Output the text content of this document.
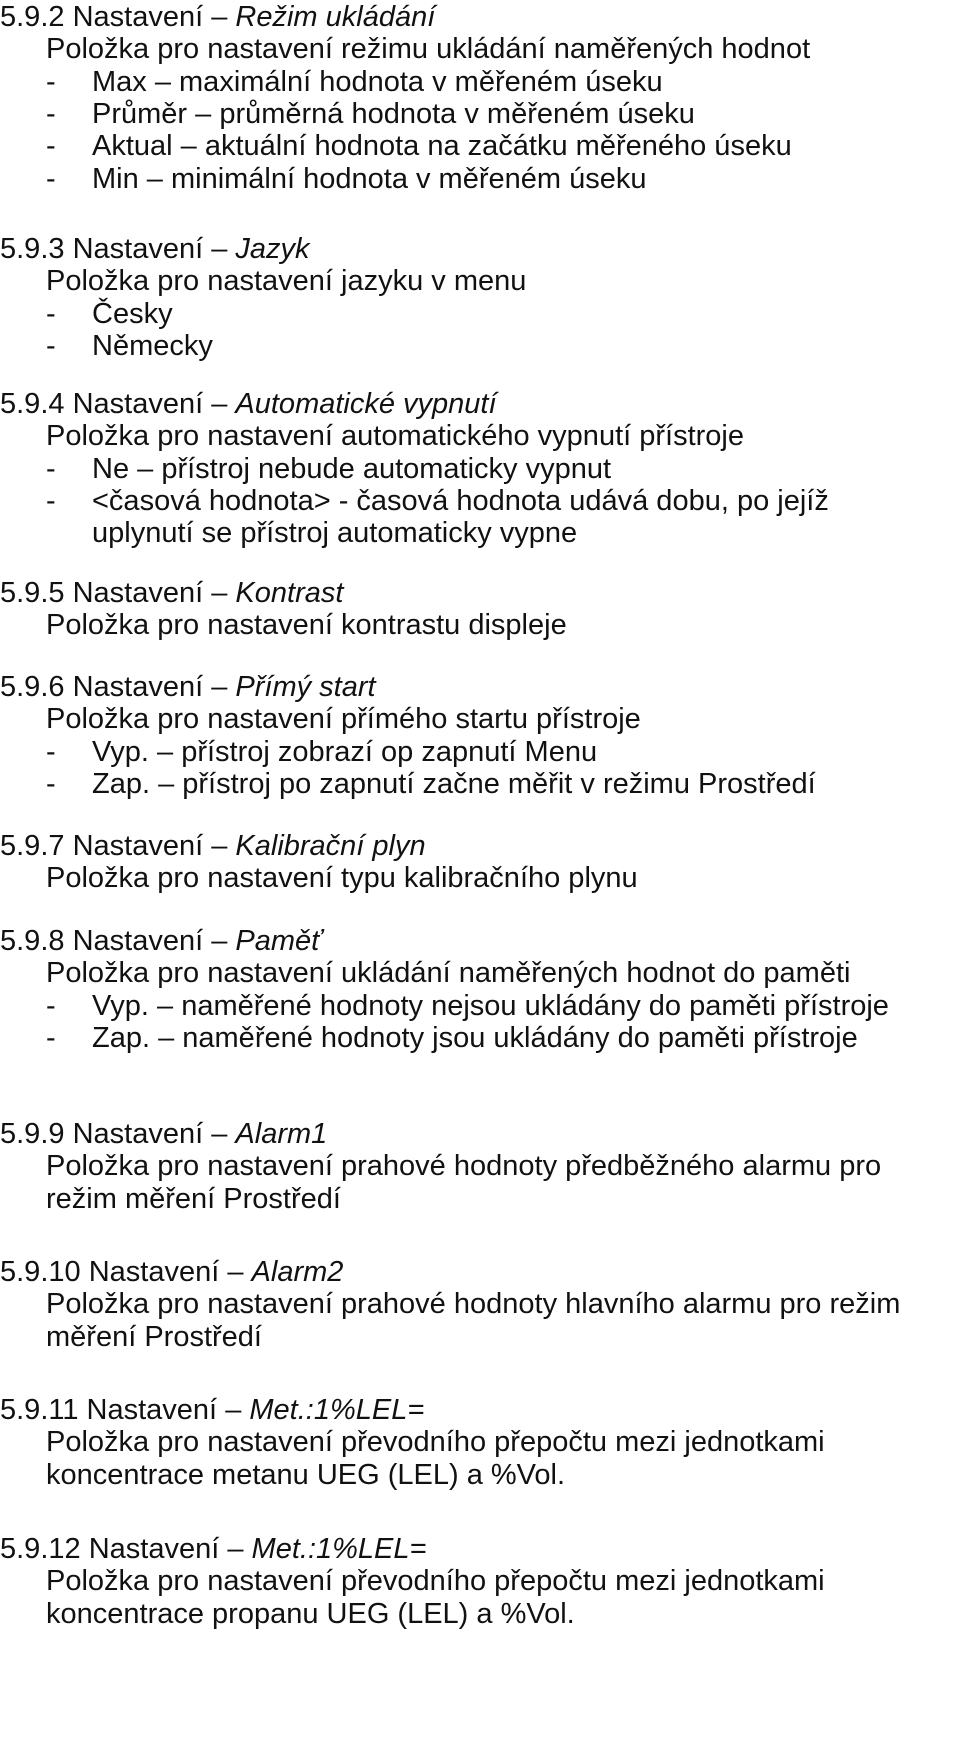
5.9.2 Nastavení – Režim ukládání
Položka pro nastavení režimu ukládání naměřených hodnot
- Max – maximální hodnota v měřeném úseku
- Průměr – průměrná hodnota v měřeném úseku
- Aktual – aktuální hodnota na začátku měřeného úseku
- Min – minimální hodnota v měřeném úseku
5.9.3 Nastavení – Jazyk
Položka pro nastavení jazyku v menu
- Česky
- Německy
5.9.4 Nastavení – Automatické vypnutí
Položka pro nastavení automatického vypnutí přístroje
- Ne – přístroj nebude automaticky vypnut
- <časová hodnota> - časová hodnota udává dobu, po jejíž
uplynutí se přístroj automaticky vypne
5.9.5 Nastavení – Kontrast
Položka pro nastavení kontrastu displeje
5.9.6 Nastavení – Přímý start
Položka pro nastavení přímého startu přístroje
- Vyp. – přístroj zobrazí op zapnutí Menu
- Zap. – přístroj po zapnutí začne měřit v režimu Prostředí
5.9.7 Nastavení – Kalibrační plyn
Položka pro nastavení typu kalibračního plynu
5.9.8 Nastavení – Paměť
Položka pro nastavení ukládání naměřených hodnot do paměti
- Vyp. – naměřené hodnoty nejsou ukládány do paměti přístroje
- Zap. – naměřené hodnoty jsou ukládány do paměti přístroje
5.9.9 Nastavení – Alarm1
Položka pro nastavení prahové hodnoty předběžného alarmu pro
režim měření Prostředí
5.9.10 Nastavení – Alarm2
Položka pro nastavení prahové hodnoty hlavního alarmu pro režim
měření Prostředí
5.9.11 Nastavení – Met.:1%LEL=
Položka pro nastavení převodního přepočtu mezi jednotkami
koncentrace metanu UEG (LEL) a %Vol.
5.9.12 Nastavení – Met.:1%LEL=
Položka pro nastavení převodního přepočtu mezi jednotkami
koncentrace propanu UEG (LEL) a %Vol.
